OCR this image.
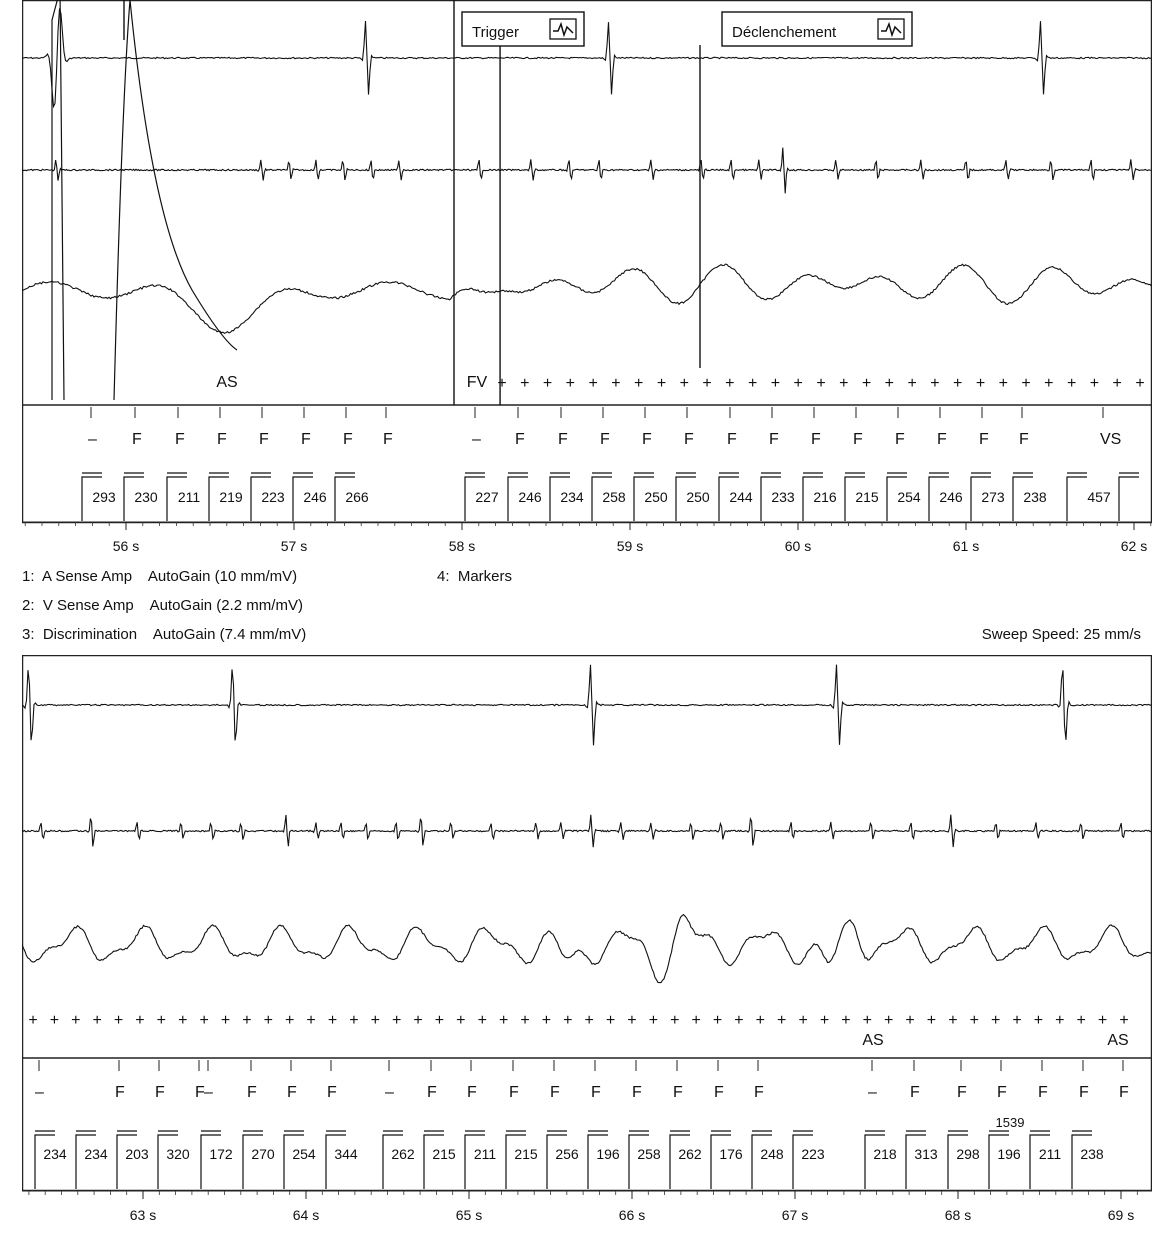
Trigger	Déclenchement
AS	FV + + + + + + + + + + + + + + + + + + + + + + + + + + + + +
– F F F F F F F	– F F F F F F F F F F F F F	VS
293 230 211 219 223 246 266	227 246 234 258 250 250 244 233 216 215 254 246 273 238	457
56 s	57 s	58 s	59 s	60 s	61 s	62 s
1:  A Sense Amp    AutoGain (10 mm/mV)
2:  V Sense Amp    AutoGain (2.2 mm/mV)
3:  Discrimination    AutoGain (7.4 mm/mV)
4:  Markers
Sweep Speed: 25 mm/s
+ + + + + + + + + + + + + + + + + + + + + + + + + + + + + + + + + + + + + + + + + + + + + + + + + + + +
AS	AS
–	F F F – F F F	– F F F F F F F F F	– F F F F F F
234 234 203 320 172 270 254 344 262 215 211 215 256 196 258 262 176 248 223	218 313 298 196 211 238
1539
63 s	64 s	65 s	66 s	67 s	68 s	69 s
